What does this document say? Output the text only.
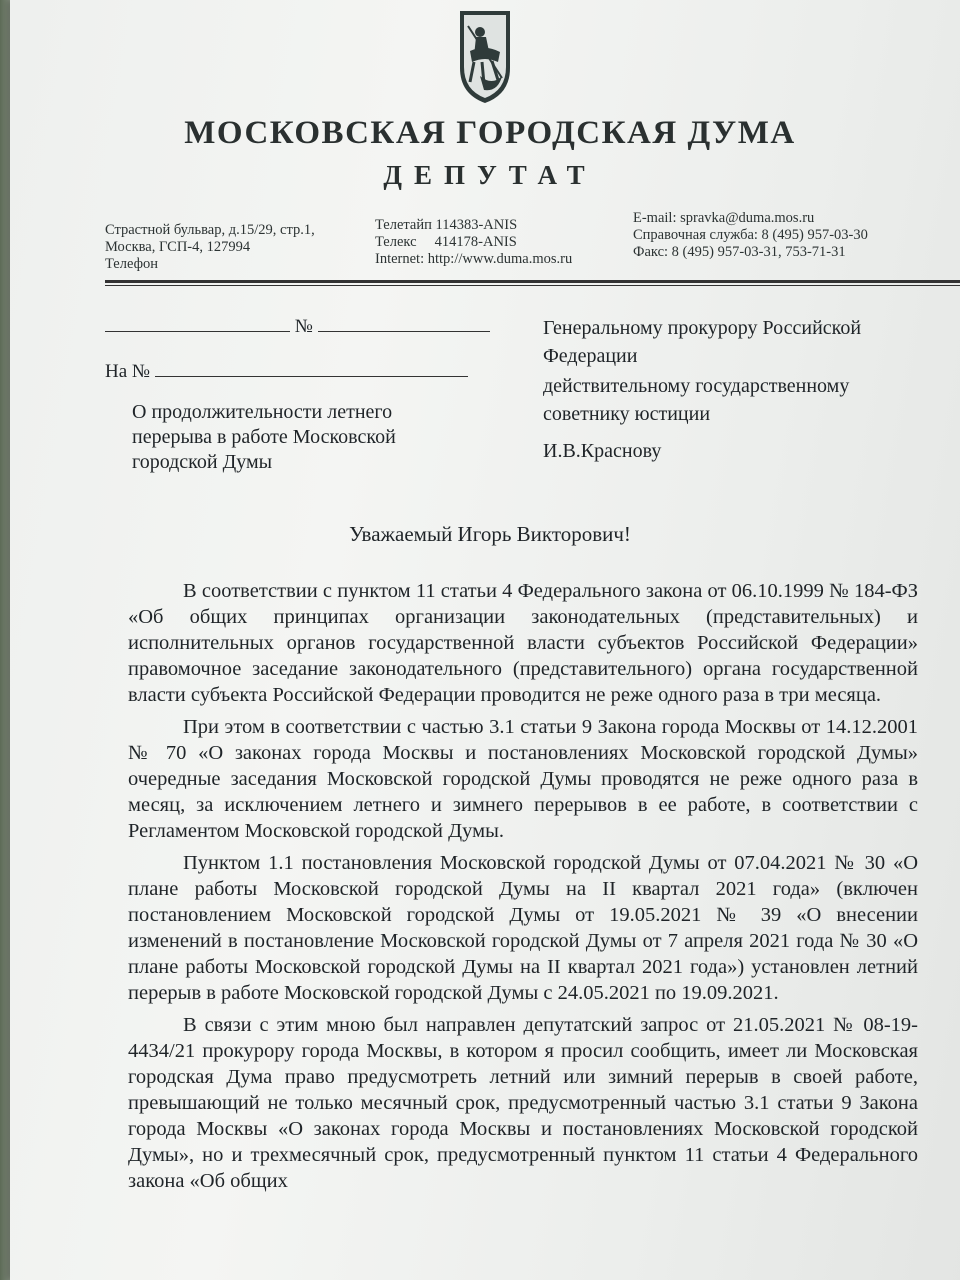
МОСКОВСКАЯ ГОРОДСКАЯ ДУМА
ДЕПУТАТ
Страстной бульвар, д.15/29, стр.1,
Москва, ГСП-4, 127994
Телефон
Телетайп 114383-ANIS
Телекс     414178-ANIS
Internet: http://www.duma.mos.ru
E-mail: spravka@duma.mos.ru
Справочная служба: 8 (495) 957-03-30
Факс: 8 (495) 957-03-31, 753-71-31
№
На №

О продолжительности летнего перерыва в работе Московской городской Думы

Генеральному прокурору Российской Федерации

действительному государственному советнику юстиции

И.В.Краснову

Уважаемый Игорь Викторович!

В соответствии с пунктом 11 статьи 4 Федерального закона от 06.10.1999 № 184-ФЗ «Об общих принципах организации законодательных (представительных) и исполнительных органов государственной власти субъектов Российской Федерации» правомочное заседание законодательного (представительного) органа государственной власти субъекта Российской Федерации проводится не реже одного раза в три месяца.

При этом в соответствии с частью 3.1 статьи 9 Закона города Москвы от 14.12.2001 № 70 «О законах города Москвы и постановлениях Московской городской Думы» очередные заседания Московской городской Думы проводятся не реже одного раза в месяц, за исключением летнего и зимнего перерывов в ее работе, в соответствии с Регламентом Московской городской Думы.

Пунктом 1.1 постановления Московской городской Думы от 07.04.2021 № 30 «О плане работы Московской городской Думы на II квартал 2021 года» (включен постановлением Московской городской Думы от 19.05.2021 № 39 «О внесении изменений в постановление Московской городской Думы от 7 апреля 2021 года № 30 «О плане работы Московской городской Думы на II квартал 2021 года») установлен летний перерыв в работе Московской городской Думы с 24.05.2021 по 19.09.2021.

В связи с этим мною был направлен депутатский запрос от 21.05.2021 № 08-19-4434/21 прокурору города Москвы, в котором я просил сообщить, имеет ли Московская городская Дума право предусмотреть летний или зимний перерыв в своей работе, превышающий не только месячный срок, предусмотренный частью 3.1 статьи 9 Закона города Москвы «О законах города Москвы и постановлениях Московской городской Думы», но и трехмесячный срок, предусмотренный пунктом 11 статьи 4 Федерального закона «Об общих
